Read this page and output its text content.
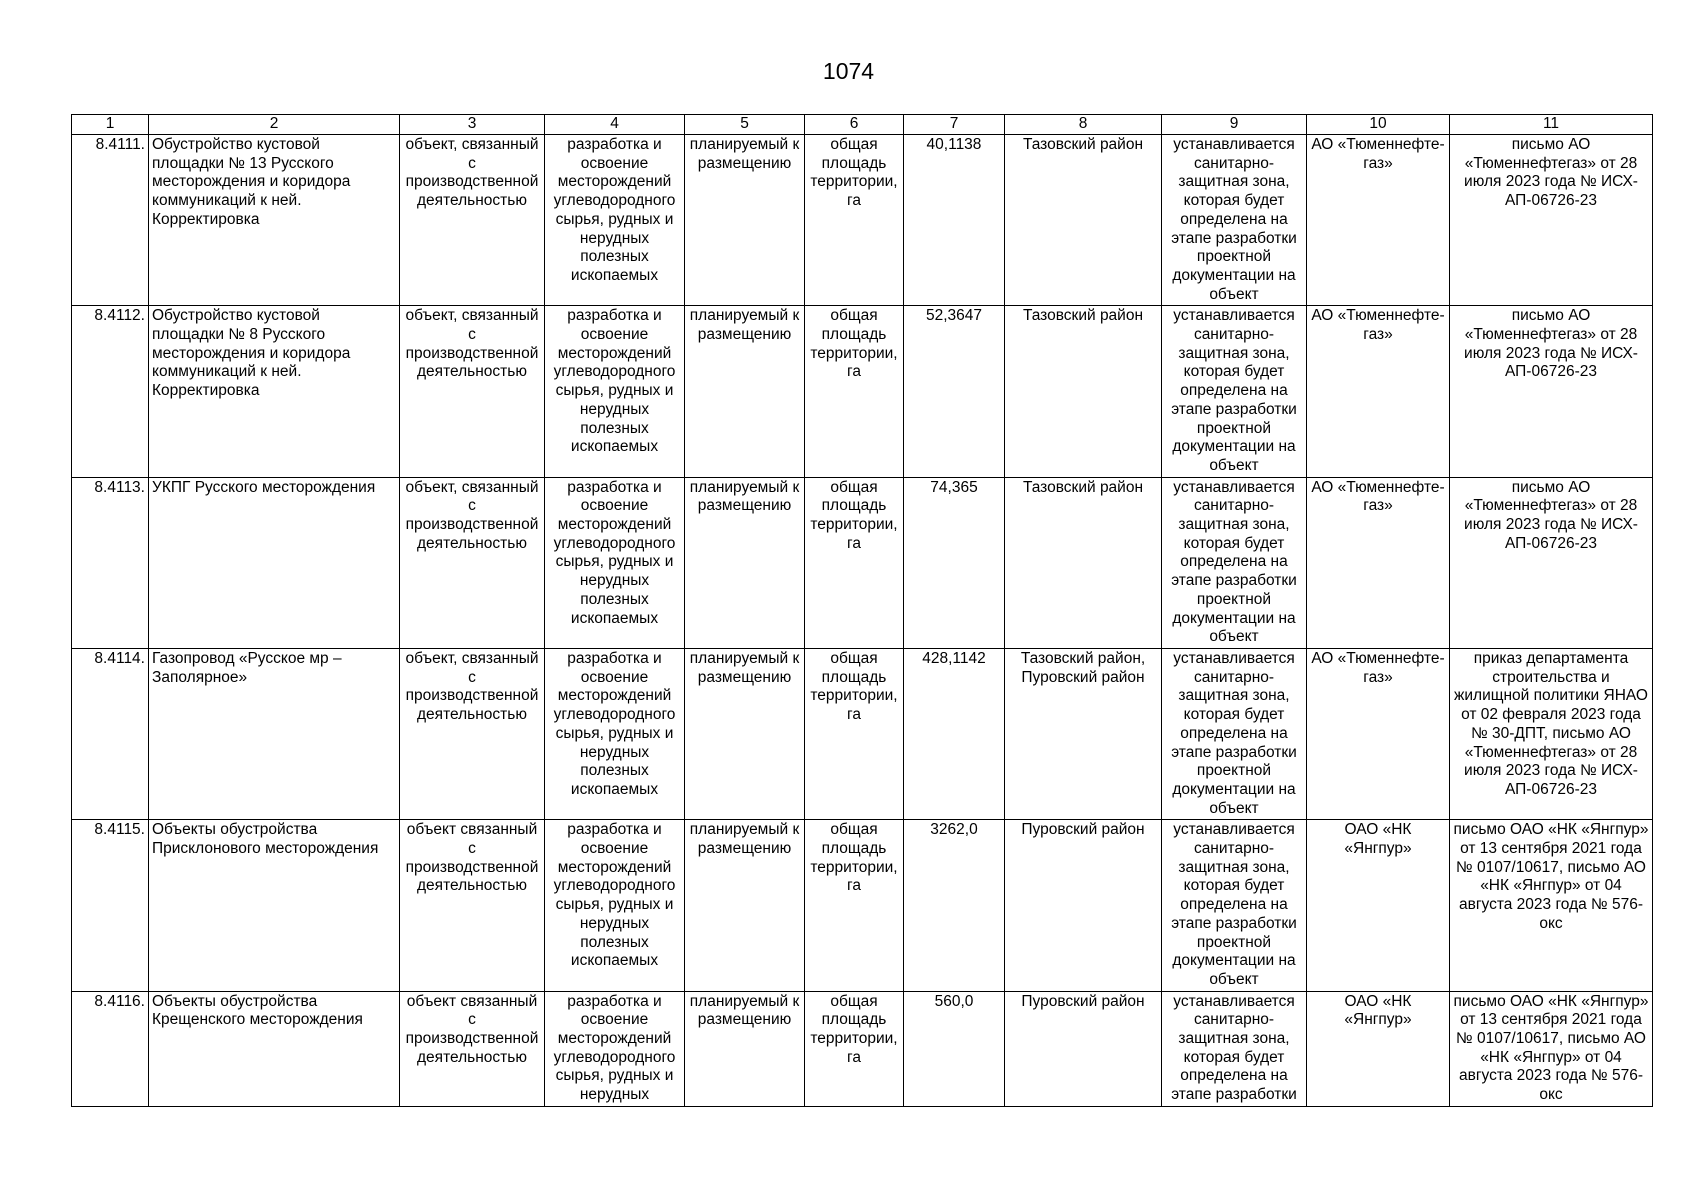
1074
1	2	3	4	5	6	7	8	9	10	11
8.4111.	Обустройство кустовой площадки № 13 Русского месторождения и коридора коммуникаций к ней. Корректировка	объект, связанный с производственной деятельностью	разработка и освоение месторождений углеводородного сырья, рудных и нерудных полезных ископаемых	планируемый к размещению	общая площадь территории, га	40,1138	Тазовский район	устанавливается санитарно-защитная зона, которая будет определена на этапе разработки проектной документации на объект	АО «Тюменнефте-газ»	письмо АО «Тюменнефтегаз» от 28 июля 2023 года № ИСХ-АП-06726-23
8.4112.	Обустройство кустовой площадки № 8 Русского месторождения и коридора коммуникаций к ней. Корректировка	объект, связанный с производственной деятельностью	разработка и освоение месторождений углеводородного сырья, рудных и нерудных полезных ископаемых	планируемый к размещению	общая площадь территории, га	52,3647	Тазовский район	устанавливается санитарно-защитная зона, которая будет определена на этапе разработки проектной документации на объект	АО «Тюменнефте-газ»	письмо АО «Тюменнефтегаз» от 28 июля 2023 года № ИСХ-АП-06726-23
8.4113.	УКПГ Русского месторождения	объект, связанный с производственной деятельностью	разработка и освоение месторождений углеводородного сырья, рудных и нерудных полезных ископаемых	планируемый к размещению	общая площадь территории, га	74,365	Тазовский район	устанавливается санитарно-защитная зона, которая будет определена на этапе разработки проектной документации на объект	АО «Тюменнефте-газ»	письмо АО «Тюменнефтегаз» от 28 июля 2023 года № ИСХ-АП-06726-23
8.4114.	Газопровод «Русское мр – Заполярное»	объект, связанный с производственной деятельностью	разработка и освоение месторождений углеводородного сырья, рудных и нерудных полезных ископаемых	планируемый к размещению	общая площадь территории, га	428,1142	Тазовский район, Пуровский район	устанавливается санитарно-защитная зона, которая будет определена на этапе разработки проектной документации на объект	АО «Тюменнефте-газ»	приказ департамента строительства и жилищной политики ЯНАО от 02 февраля 2023 года № 30-ДПТ, письмо АО «Тюменнефтегаз» от 28 июля 2023 года № ИСХ-АП-06726-23
8.4115.	Объекты обустройства Присклонового месторождения	объект связанный с производственной деятельностью	разработка и освоение месторождений углеводородного сырья, рудных и нерудных полезных ископаемых	планируемый к размещению	общая площадь территории, га	3262,0	Пуровский район	устанавливается санитарно-защитная зона, которая будет определена на этапе разработки проектной документации на объект	ОАО «НК «Янгпур»	письмо ОАО «НК «Янгпур» от 13 сентября 2021 года № 0107/10617, письмо АО «НК «Янгпур» от 04 августа 2023 года № 576-окс
8.4116.	Объекты обустройства Крещенского месторождения	объект связанный с производственной деятельностью	разработка и освоение месторождений углеводородного сырья, рудных и нерудных	планируемый к размещению	общая площадь территории, га	560,0	Пуровский район	устанавливается санитарно-защитная зона, которая будет определена на этапе разработки	ОАО «НК «Янгпур»	письмо ОАО «НК «Янгпур» от 13 сентября 2021 года № 0107/10617, письмо АО «НК «Янгпур» от 04 августа 2023 года № 576-окс
